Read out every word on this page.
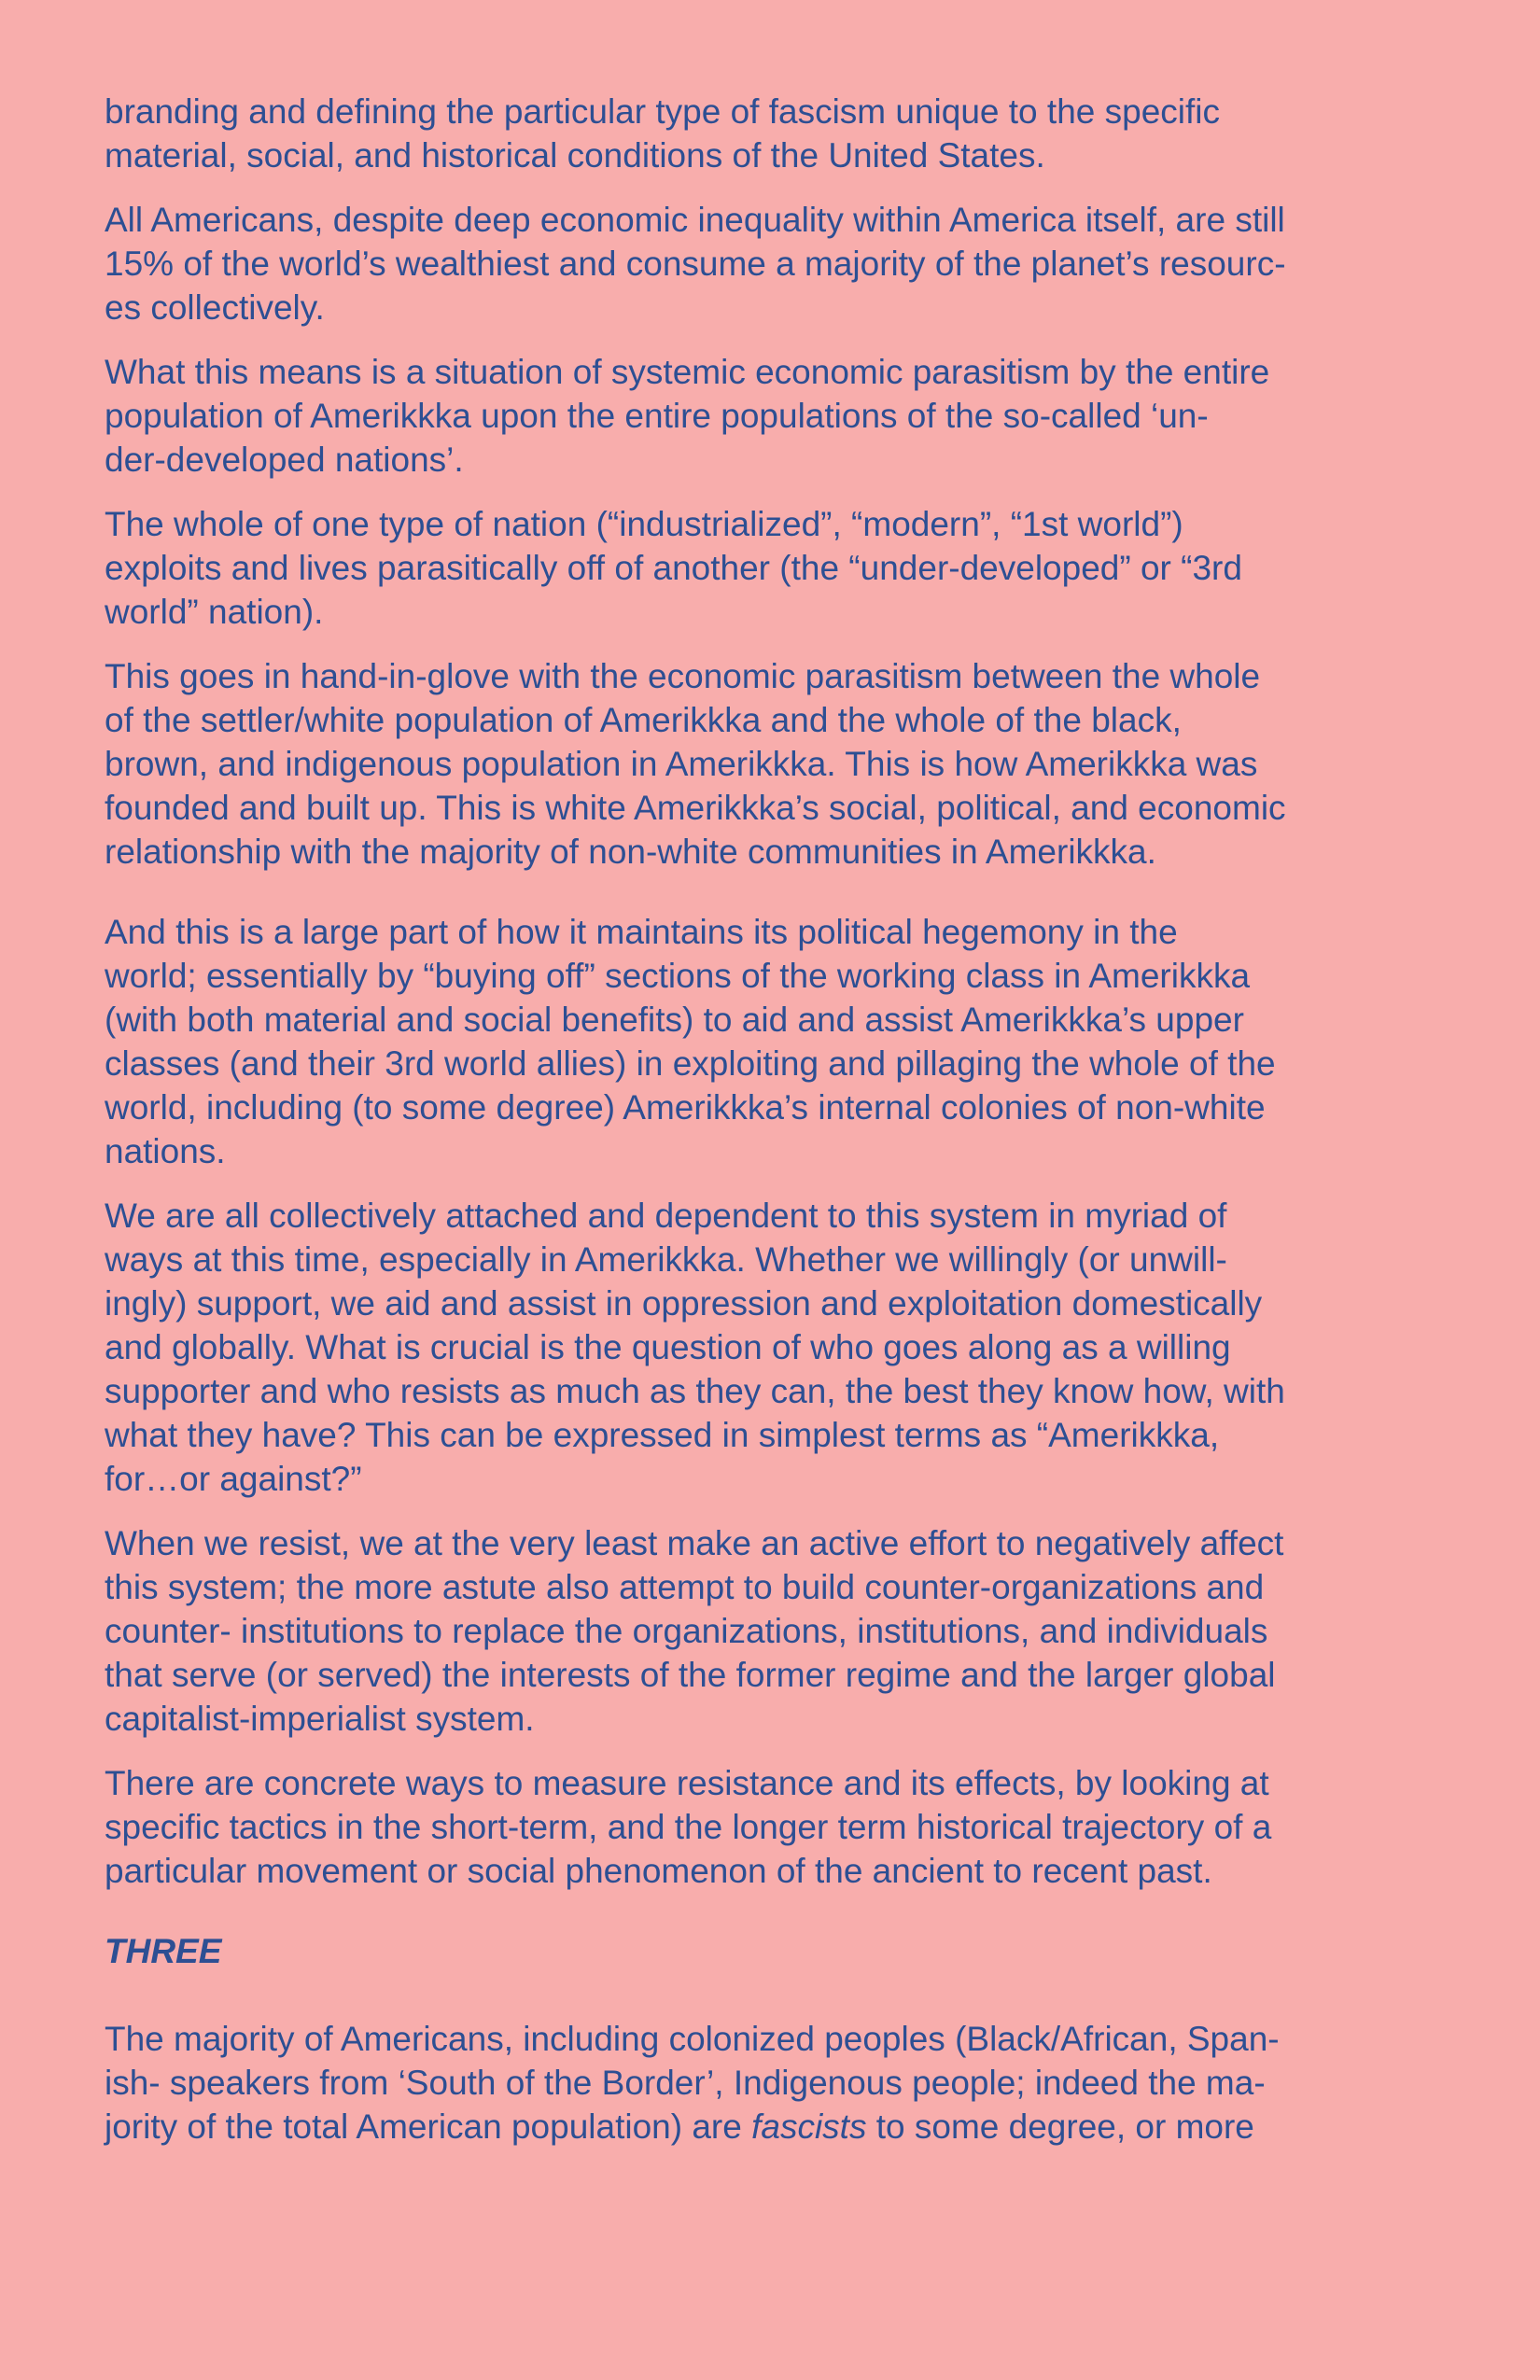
branding and defining the particular type of fascism unique to the specific
material, social, and historical conditions of the United States.

All Americans, despite deep economic inequality within America itself, are still
15% of the world’s wealthiest and consume a majority of the planet’s resourc-
es collectively.

What this means is a situation of systemic economic parasitism by the entire
population of Amerikkka upon the entire populations of the so-called ‘un-
der-developed nations’.

The whole of one type of nation (“industrialized”, “modern”, “1st world”)
exploits and lives parasitically off of another (the “under-developed” or “3rd
world” nation).

This goes in hand-in-glove with the economic parasitism between the whole
of the settler/white population of Amerikkka and the whole of the black,
brown, and indigenous population in Amerikkka. This is how Amerikkka was
founded and built up. This is white Amerikkka’s social, political, and economic
relationship with the majority of non-white communities in Amerikkka.

And this is a large part of how it maintains its political hegemony in the
world; essentially by “buying off” sections of the working class in Amerikkka
(with both material and social benefits) to aid and assist Amerikkka’s upper
classes (and their 3rd world allies) in exploiting and pillaging the whole of the
world, including (to some degree) Amerikkka’s internal colonies of non-white
nations.

We are all collectively attached and dependent to this system in myriad of
ways at this time, especially in Amerikkka. Whether we willingly (or unwill-
ingly) support, we aid and assist in oppression and exploitation domestically
and globally. What is crucial is the question of who goes along as a willing
supporter and who resists as much as they can, the best they know how, with
what they have? This can be expressed in simplest terms as “Amerikkka,
for…or against?”

When we resist, we at the very least make an active effort to negatively affect
this system; the more astute also attempt to build counter-organizations and
counter- institutions to replace the organizations, institutions, and individuals
that serve (or served) the interests of the former regime and the larger global
capitalist-imperialist system.

There are concrete ways to measure resistance and its effects, by looking at
specific tactics in the short-term, and the longer term historical trajectory of a
particular movement or social phenomenon of the ancient to recent past.

THREE

The majority of Americans, including colonized peoples (Black/African, Span-
ish- speakers from ‘South of the Border’, Indigenous people; indeed the ma-
jority of the total American population) are fascists to some degree, or more
